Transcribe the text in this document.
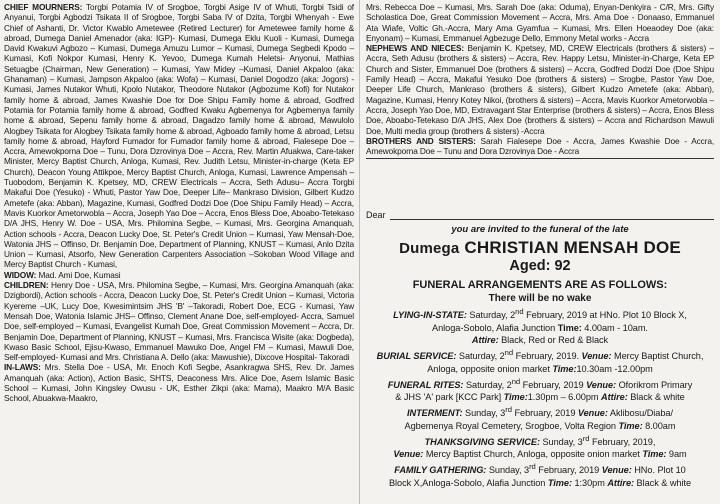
CHIEF MOURNERS: Torgbi Potamia IV of Srogboe, Torgbi Asige IV of Whuti, Torgbi Tsidi of Anyanui, Torgbi Agbodzi Tsikata II of Srogboe, Torgbi Saba IV of Dzita, Torgbi Whenyah - Ewe Chief of Ashanti, Dr. Victor Kwablo Ametewee (Retired Lecturer) for Ametewee family home & abroad, Dumega Daniel Amenador (aka: IGP)- Kumasi, Dumega Eklu Kuoli - Kumasi, Dumega David Kwakuvi Agbozo – Kumasi, Dumega Amuzu Lumor – Kumasi, Dumega Segbedi Kpodo – Kumasi, Kofi Nokpor Kumasi, Henry K. Yevoo, Dumega Kumah Heletsi- Anyonui, Mathias Setuagbe (Chairman, New Generation) – Kumasi, Yaw Midey –Kumasi, Daniel Akpaloo (aka: Ghanaman) – Kumasi, Jampson Akpaloo (aka: Wofa) – Kumasi, Daniel Dogodzo (aka: Jogors) - Kumasi, James Nutakor Whuti, Kpolo Nutakor, Theodore Nutakor (Agbozume Kofi) for Nutakor family home & abroad, James Kwashie Doe for Doe Shipu Family home & abroad, Godfred Potamia for Potamia family home & abroad, Godfred Kwaku Agbemenya for Agbemenya family home & abroad, Sepenu family home & abroad, Dagadzo family home & abroad, Mawulolo Alogbey Tsikata for Alogbey Tsikata family home & abroad, Agboado family home & abroad, Letsu family home & abroad, Hayford Fumador for Fumador family home & abroad, Fialesepe Doe – Accra, Amewokporna Doe – Tunu, Dora Dzrovinya Doe – Accra, Rev. Martin Afuakwa, Care-taker Minister, Mercy Baptist Church, Anloga, Kumasi, Rev. Judith Letsu, Minister-in-charge (Keta EP Church), Deacon Young Attikpoe, Mercy Baptist Church, Anloga, Kumasi, Lawrence Ampensah –Tuobodom, Benjamin K. Kpetsey, MD, CREW Electricals – Accra, Seth Adusu– Accra Torgbi Makafui Doe (Yesuko) - Whuti, Pastor Yaw Doe, Deeper Life– Mankraso Division, Gilbert Kudzo Ametefe (aka: Abban), Magazine, Kumasi, Godfred Dodzi Doe (Doe Shipu Family Head) – Accra, Mavis Kuorkor Ametorwobla – Accra, Joseph Yao Doe – Accra, Enos Bless Doe, Aboabo-Tetekaso D/A JHS, Henry W. Doe - USA, Mrs. Philomina Segbe, – Kumasi, Mrs. Georgina Amanquah, Action schools - Accra, Deacon Lucky Doe, St. Peter's Credit Union – Kumasi, Yaw Mensah-Doe, Watonia JHS – Offinso, Dr. Benjamin Doe, Department of Planning, KNUST – Kumasi, Anlo Dzita Union – Kumasi, Atsorfo, New Generation Carpenters Association –Sokoban Wood Village and Mercy Baptist Church - Kumasi,
WIDOW: Mad. Ami Doe, Kumasi
CHILDREN: Henry Doe - USA, Mrs. Philomina Segbe, – Kumasi, Mrs. Georgina Amanquah (aka: Dzigbordi), Action schools - Accra, Deacon Lucky Doe, St. Peter's Credit Union – Kumasi, Victoria Kyereme –UK, Lucy Doe, Kwesimintsim JHS 'B' –Takoradi, Robert Doe, ECG - Kumasi, Yaw Mensah Doe, Watonia Islamic JHS– Offinso, Clement Anane Doe, self-employed- Accra, Samuel Doe, self-employed – Kumasi, Evangelist Kumah Doe, Great Commission Movement – Accra, Dr. Benjamin Doe, Department of Planning, KNUST – Kumasi, Mrs. Francisca Wisite (aka: Dogbeda), Kwaso Basic School, Ejisu-Kwaso, Emmanuel Mawuko Doe, Angel FM – Kumasi, Mawuli Doe, Self-employed- Kumasi and Mrs. Christiana A. Dello (aka: Mawushie), Dixcove Hospital- Takoradi
IN-LAWS: Mrs. Stella Doe - USA, Mr. Enoch Kofi Segbe, Asankragwa SHS, Rev. Dr. James Amanquah (aka: Action), Action Basic, SHTS, Deaconess Mrs. Alice Doe, Asem Islamic Basic School – Kumasi, John Kingsley Owusu - UK, Esther Zikpi (aka: Mama), Maakro M/A Basic School, Abuakwa-Maakro,
Mrs. Rebecca Doe – Kumasi, Mrs. Sarah Doe (aka: Oduma), Enyan-Denkyira - C/R, Mrs. Gifty Scholastica Doe, Great Commission Movement – Accra, Mrs. Ama Doe - Donaaso, Emmanuel Ata Wiafe, Voltic Gh.-Accra, Mary Ama Gyamfua – Kumasi, Mrs. Ellen Hoeaodey Doe (aka: Enyonam) – Kumasi, Emmanuel Agbezuge Dello, Emmony Metal works - Accra
NEPHEWS AND NIECES: Benjamin K. Kpetsey, MD, CREW Electricals (brothers & sisters) – Accra, Seth Adusu (brothers & sisters) – Accra, Rev. Happy Letsu, Minister-in-Charge, Keta EP Church and Sister, Emmanuel Doe (brothers & sisters) – Accra, Godfred Dodzi Doe (Doe Shipu Family Head) – Accra, Makafui Yesuko Doe (brothers & sisters) – Srogbe, Pastor Yaw Doe, Deeper Life Church, Mankraso (brothers & sisters), Gilbert Kudzo Ametefe (aka: Abban), Magazine, Kumasi, Henry Kotey Nikoi, (brothers & sisters) – Accra, Mavis Kuorkor Ametorwobla – Accra, Joseph Yao Doe, MD, Extravagant Star Enterprise (brothers & sisters) – Accra, Enos Bless Doe, Aboabo-Tetekaso D/A JHS, Alex Doe (brothers & sisters) – Accra and Richardson Mawuli Doe, Multi media group (brothers & sisters) -Accra
BROTHERS AND SISTERS: Sarah Fialesepe Doe - Accra, James Kwashie Doe - Accra, Amewokporna Doe – Tunu and Dora Dzrovinya Doe - Accra
Dear
you are invited to the funeral of the late
Dumega CHRISTIAN MENSAH DOE
Aged: 92
FUNERAL ARRANGEMENTS ARE AS FOLLOWS:
There will be no wake

LYING-IN-STATE: Saturday, 2nd February, 2019 at HNo. Plot 10 Block X,
Anloga-Sobolo, Alafia Junction Time: 4.00am - 10am.
Attire: Black, Red or Red & Black

BURIAL SERVICE: Saturday, 2nd February, 2019. Venue: Mercy Baptist Church,
Anloga, opposite onion market Time:10.30am -12.00pm

FUNERAL RITES: Saturday, 2nd February, 2019 Venue: Oforikrom Primary
& JHS 'A' park [KCC Park] Time:1.30pm – 6.00pm Attire: Black & white

INTERMENT: Sunday, 3rd February, 2019 Venue: Aklibosu/Diaba/
Agbemenya Royal Cemetery, Srogboe, Volta Region Time: 8.00am

THANKSGIVING SERVICE: Sunday, 3rd February, 2019,
Venue: Mercy Baptist Church, Anloga, opposite onion market Time: 9am

FAMILY GATHERING: Sunday, 3rd February, 2019 Venue: HNo. Plot 10
Block X,Anloga-Sobolo, Alafia Junction Time: 1:30pm Attire: Black & white
